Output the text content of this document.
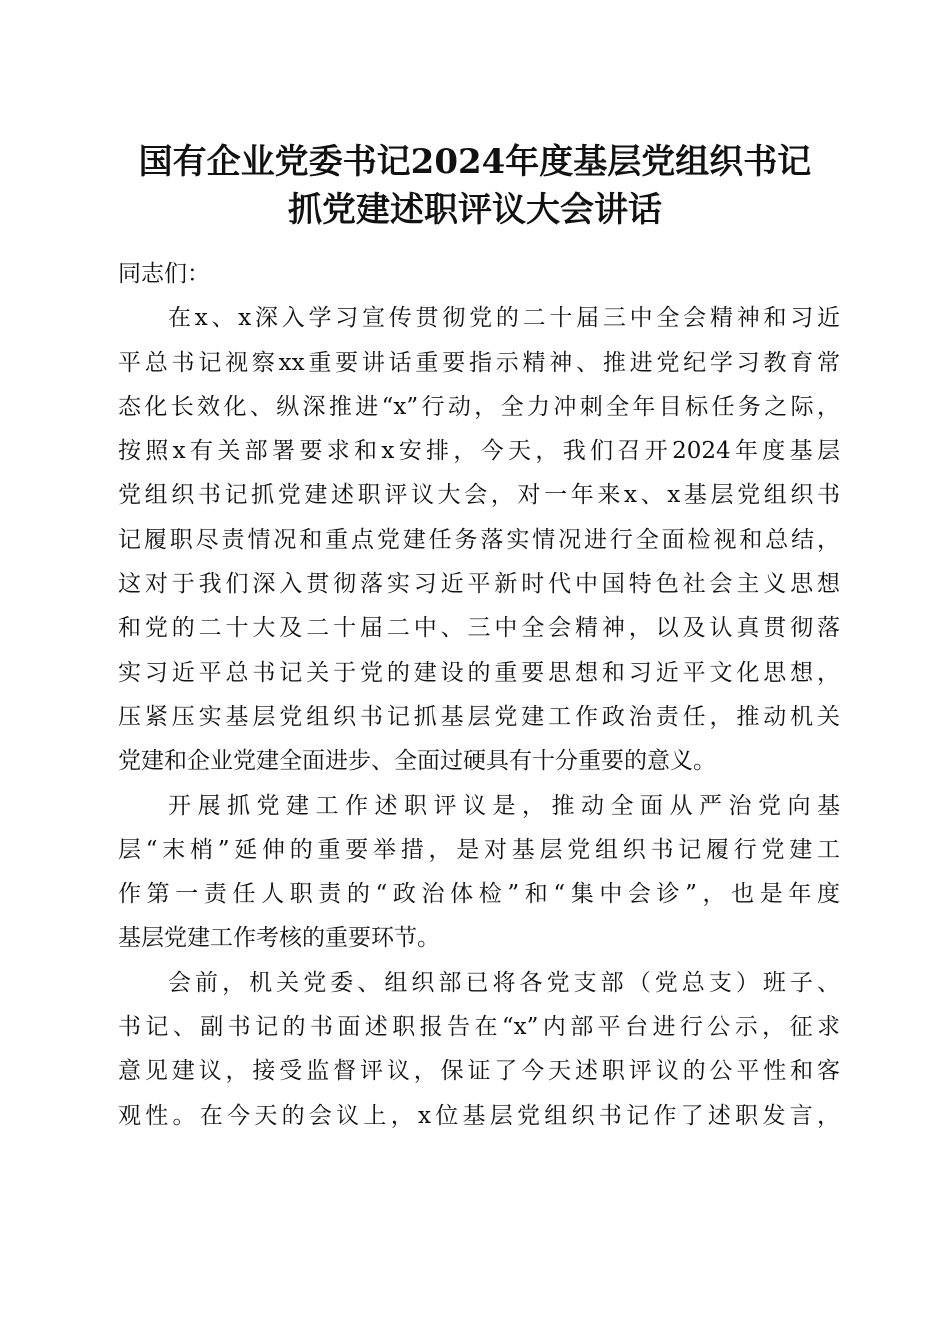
国有企业党委书记2024年度基层党组织书记
抓党建述职评议大会讲话
同志们：
在x、x深入学习宣传贯彻党的二十届三中全会精神和习近
平总书记视察xx重要讲话重要指示精神、推进党纪学习教育常
态化长效化、纵深推进“x”行动，全力冲刺全年目标任务之际，
按照x有关部署要求和x安排，今天，我们召开2024年度基层
党组织书记抓党建述职评议大会，对一年来x、x基层党组织书
记履职尽责情况和重点党建任务落实情况进行全面检视和总结，
这对于我们深入贯彻落实习近平新时代中国特色社会主义思想
和党的二十大及二十届二中、三中全会精神，以及认真贯彻落
实习近平总书记关于党的建设的重要思想和习近平文化思想，
压紧压实基层党组织书记抓基层党建工作政治责任，推动机关
党建和企业党建全面进步、全面过硬具有十分重要的意义。
开展抓党建工作述职评议是，推动全面从严治党向基
层“末梢”延伸的重要举措，是对基层党组织书记履行党建工
作第一责任人职责的“政治体检”和“集中会诊”，也是年度
基层党建工作考核的重要环节。
会前，机关党委、组织部已将各党支部（党总支）班子、
书记、副书记的书面述职报告在“x”内部平台进行公示，征求
意见建议，接受监督评议，保证了今天述职评议的公平性和客
观性。在今天的会议上，x位基层党组织书记作了述职发言，
